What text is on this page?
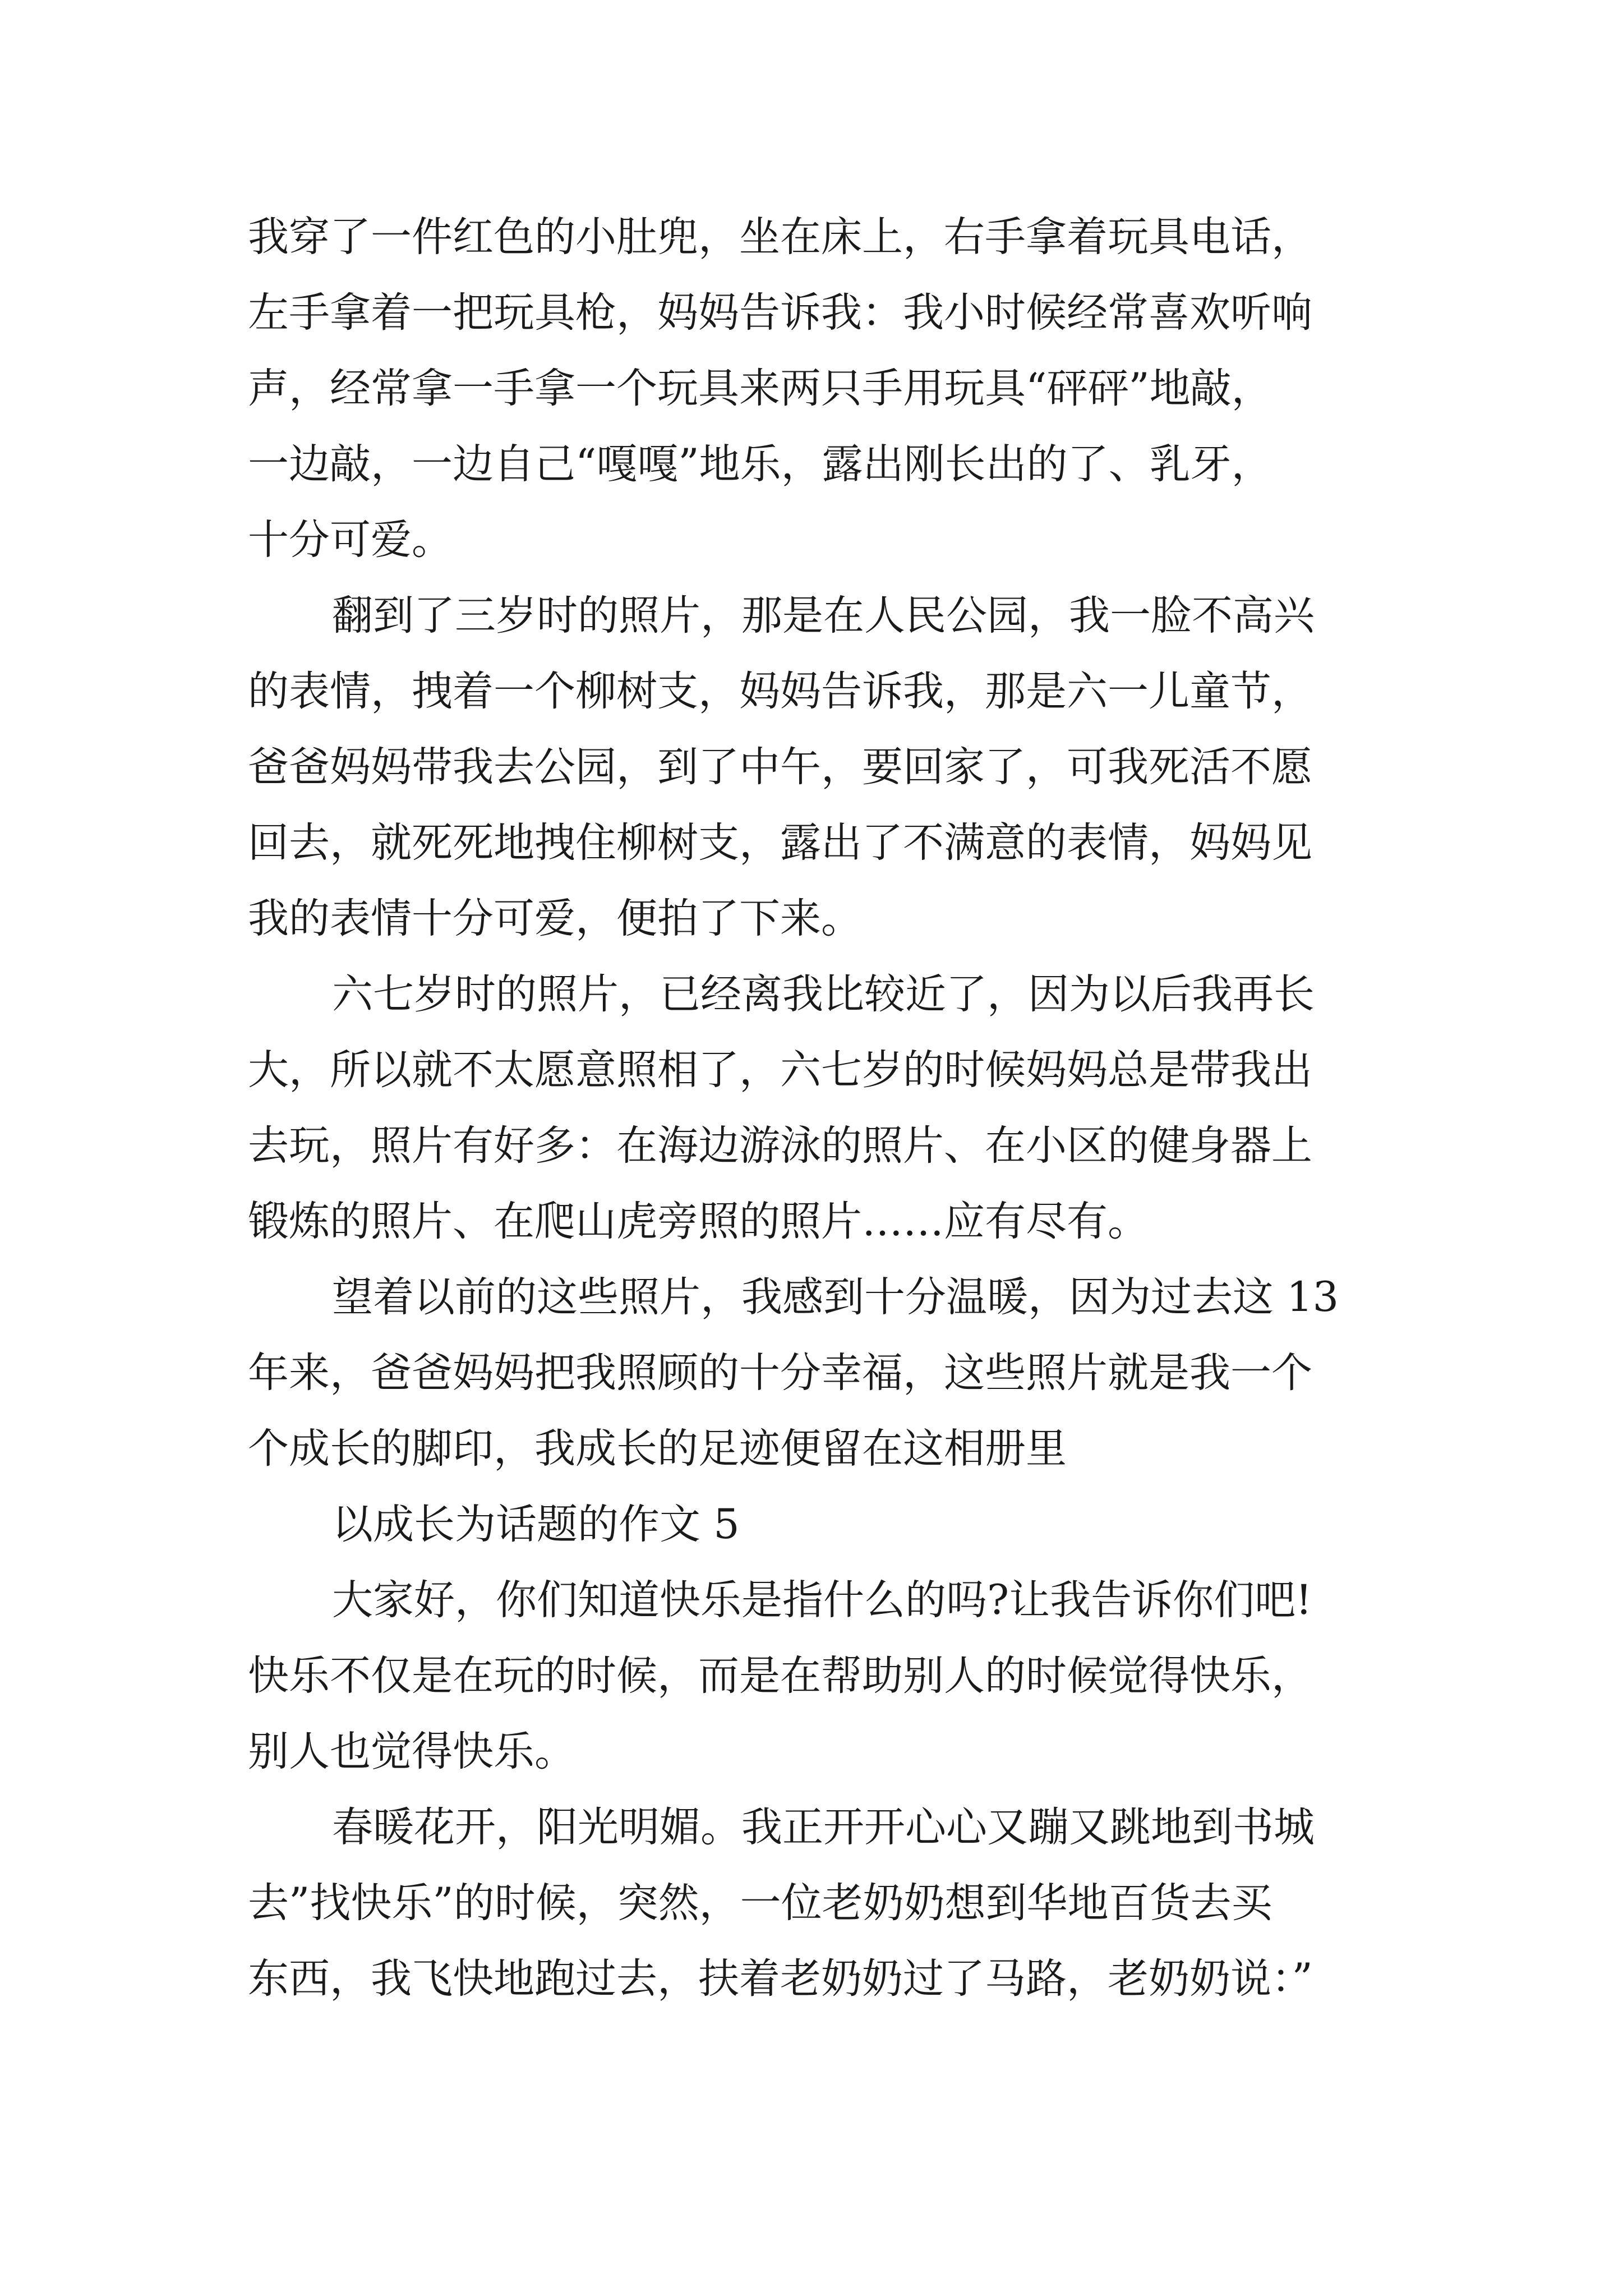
我穿了一件红色的小肚兜，坐在床上，右手拿着玩具电话，
左手拿着一把玩具枪，妈妈告诉我：我小时候经常喜欢听响
声，经常拿一手拿一个玩具来两只手用玩具“砰砰”地敲，
一边敲，一边自己“嘎嘎”地乐，露出刚长出的了、乳牙，
十分可爱。
翻到了三岁时的照片，那是在人民公园，我一脸不高兴
的表情，拽着一个柳树支，妈妈告诉我，那是六一儿童节，
爸爸妈妈带我去公园，到了中午，要回家了，可我死活不愿
回去，就死死地拽住柳树支，露出了不满意的表情，妈妈见
我的表情十分可爱，便拍了下来。
六七岁时的照片，已经离我比较近了，因为以后我再长
大，所以就不太愿意照相了，六七岁的时候妈妈总是带我出
去玩，照片有好多：在海边游泳的照片、在小区的健身器上
锻炼的照片、在爬山虎旁照的照片……应有尽有。
望着以前的这些照片，我感到十分温暖，因为过去这 13
年来，爸爸妈妈把我照顾的十分幸福，这些照片就是我一个
个成长的脚印，我成长的足迹便留在这相册里
以成长为话题的作文 5
大家好，你们知道快乐是指什么的吗?让我告诉你们吧!
快乐不仅是在玩的时候，而是在帮助别人的时候觉得快乐，
别人也觉得快乐。
春暖花开，阳光明媚。我正开开心心又蹦又跳地到书城
去”找快乐”的时候，突然，一位老奶奶想到华地百货去买
东西，我飞快地跑过去，扶着老奶奶过了马路，老奶奶说：”
